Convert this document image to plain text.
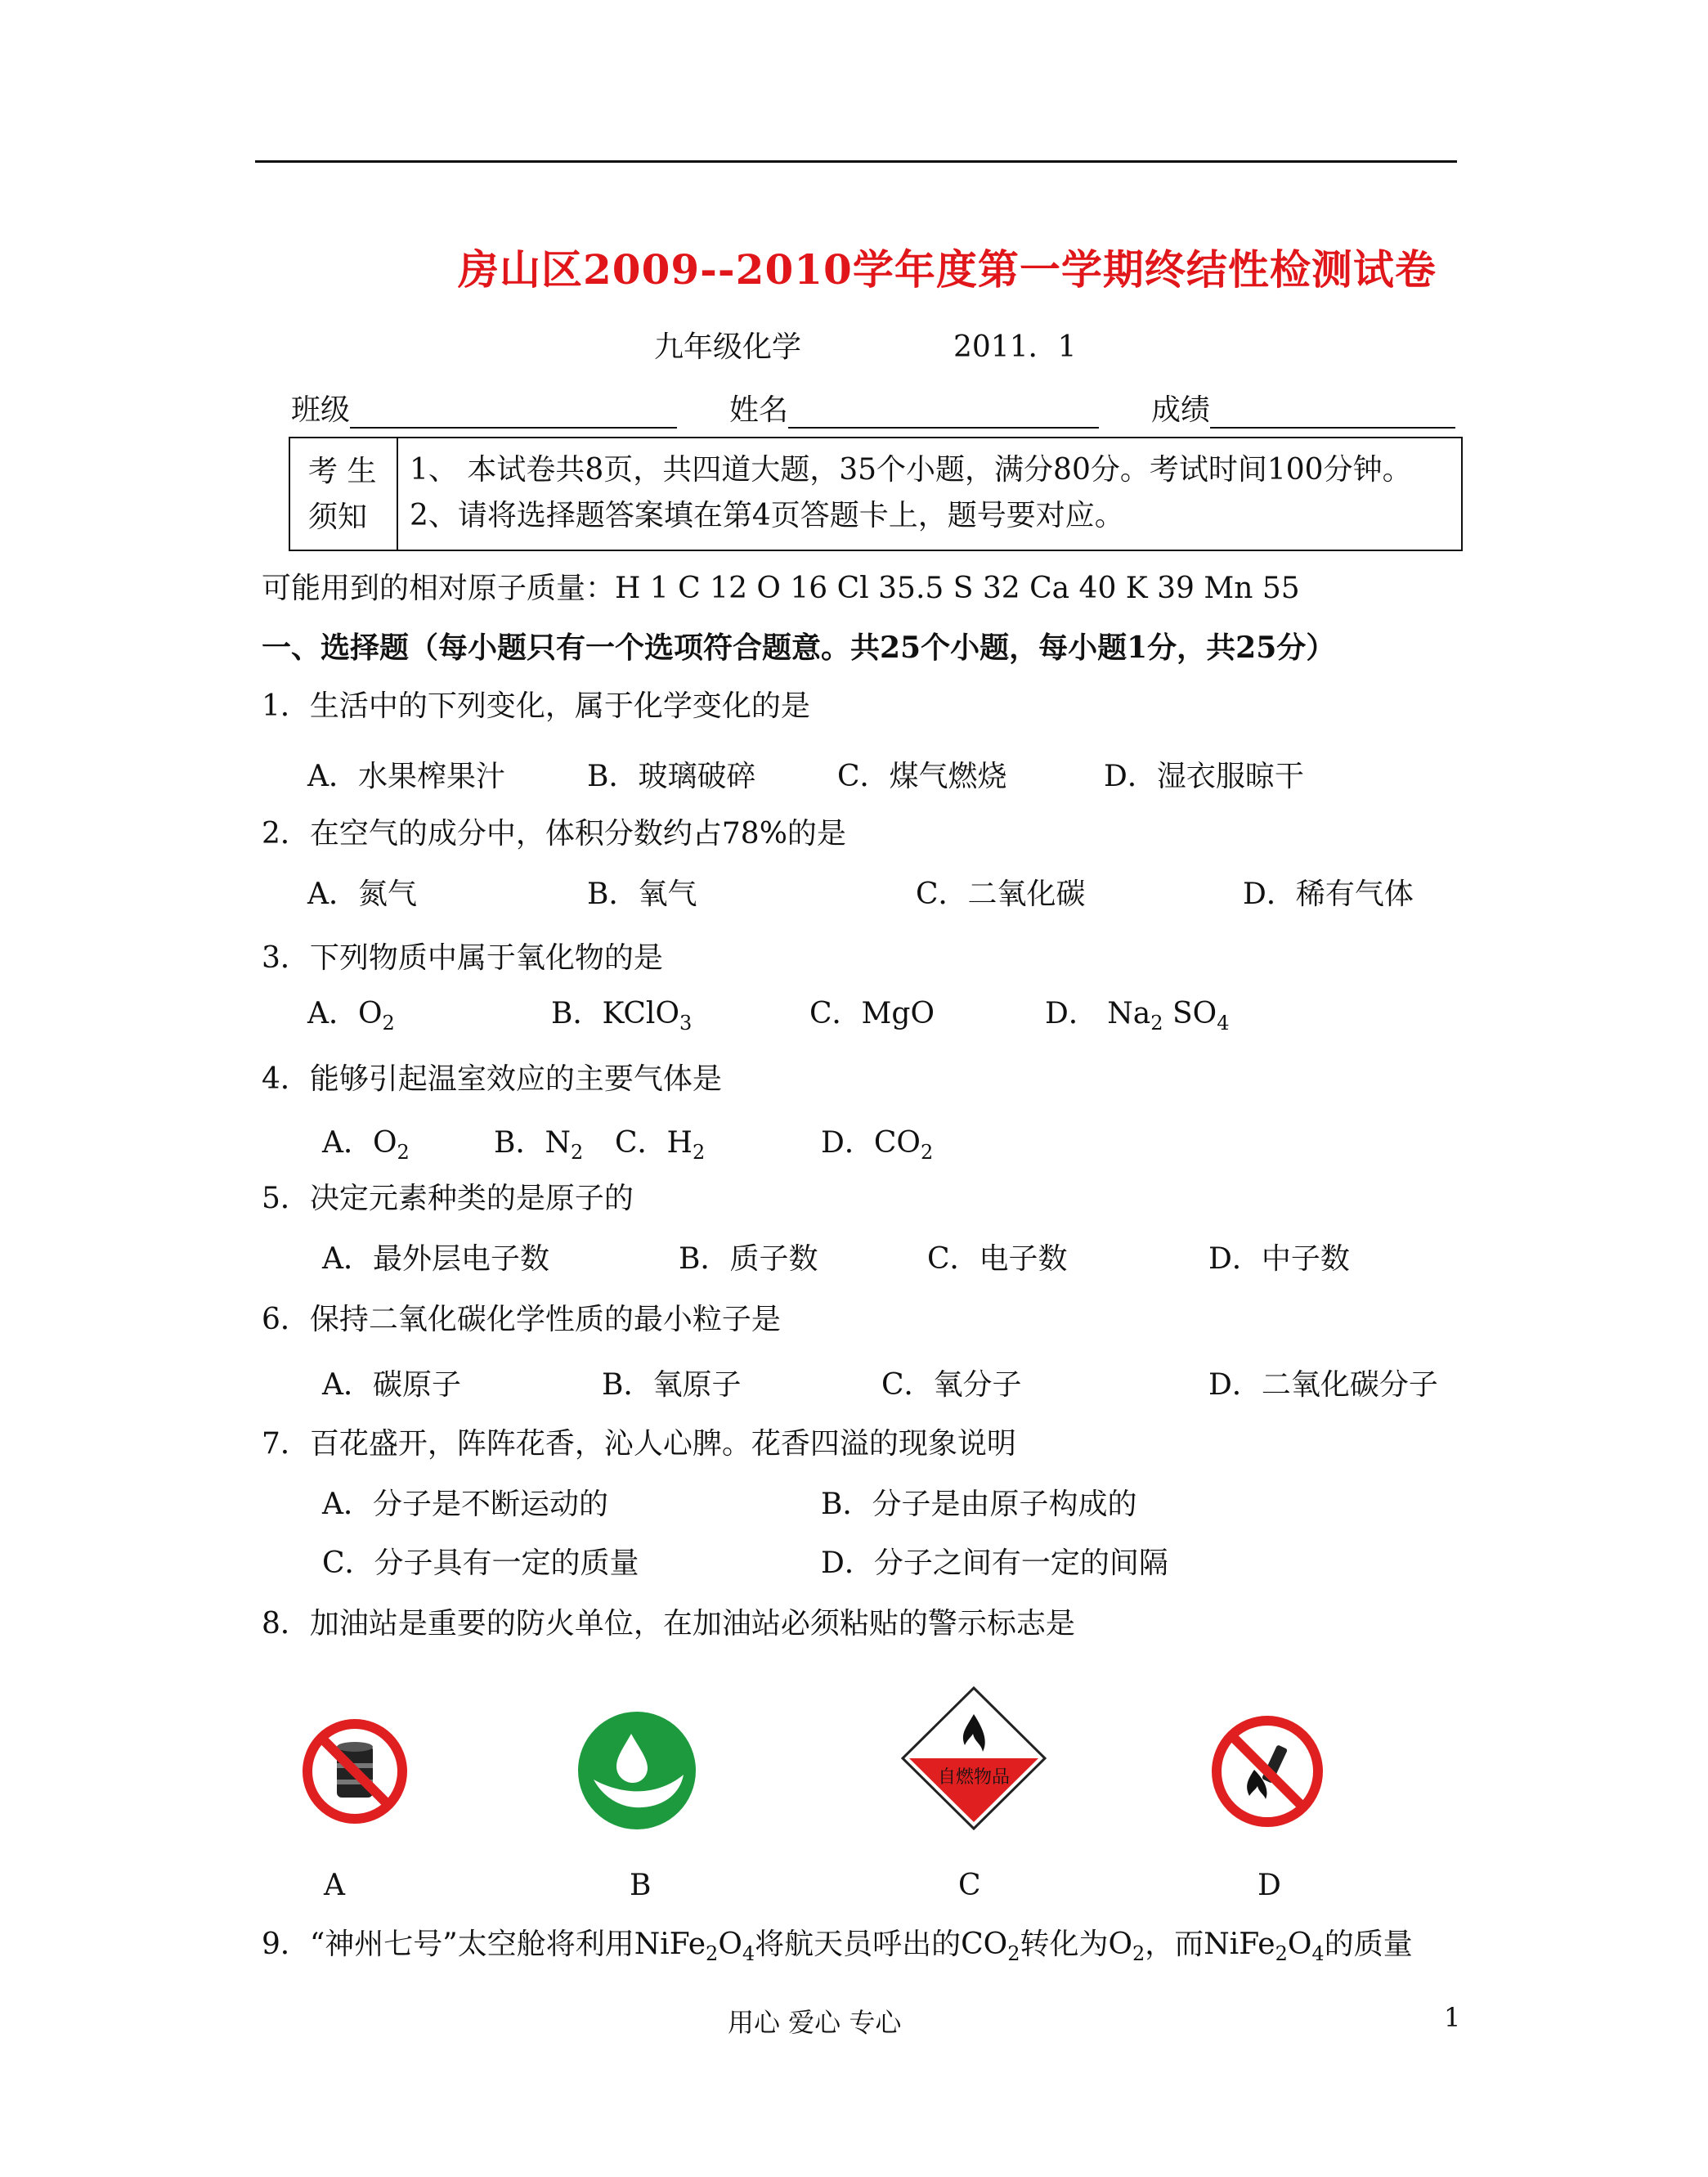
房山区2009--2010学年度第一学期终结性检测试卷
九年级化学	2011．1
班级	姓名	成绩
考 生
须知
1、 本试卷共8页，共四道大题，35个小题，满分80分。考试时间100分钟。
2、请将选择题答案填在第4页答题卡上，题号要对应。
可能用到的相对原子质量：H 1 C 12 O 16 Cl 35.5 S 32 Ca 40 K 39 Mn 55
一、选择题（每小题只有一个选项符合题意。共25个小题，每小题1分，共25分）
1．生活中的下列变化，属于化学变化的是
A．水果榨果汁	B．玻璃破碎	C．煤气燃烧	D．湿衣服晾干
2．在空气的成分中，体积分数约占78%的是
A．氮气	B．氧气	C．二氧化碳	D．稀有气体
3．下列物质中属于氧化物的是
A．$O_2$	B．KClO$_3$	C．MgO	D． $Na_2$ $SO_4$
4．能够引起温室效应的主要气体是
A．$O_2$	B．$N_2$ C．$H_2$	D．$CO_2$
5．决定元素种类的是原子的
A．最外层电子数	B．质子数	C．电子数	D．中子数
6．保持二氧化碳化学性质的最小粒子是
A．碳原子	B．氧原子	C．氧分子	D．二氧化碳分子
7．百花盛开，阵阵花香，沁人心脾。花香四溢的现象说明
A．分子是不断运动的	B．分子是由原子构成的
C．分子具有一定的质量	D．分子之间有一定的间隔
8．加油站是重要的防火单位，在加油站必须粘贴的警示标志是
自燃物品
A	B	C	D
9．“神州七号”太空舱将利用$NiFe_2O_4$将航天员呼出的$CO_2$转化为$O_2$，而$NiFe_2O_4$的质量
用心 爱心 专心	1
